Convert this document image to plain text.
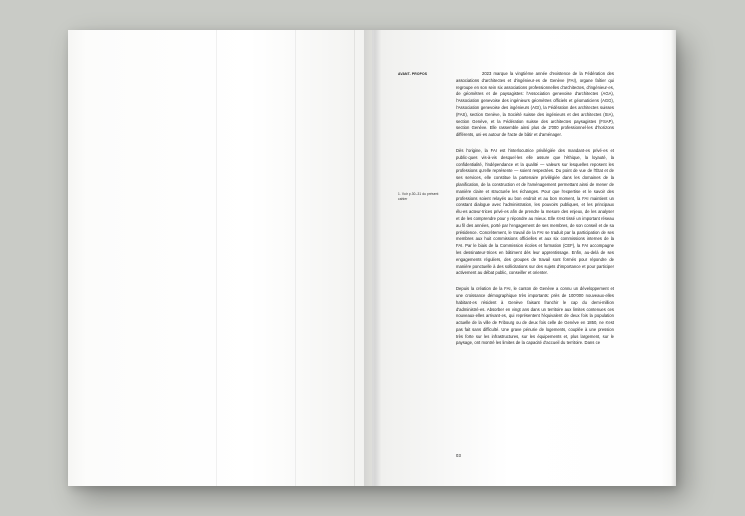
AVANT- PROPOS
1. Voir p.30–31 du présent cahier

2023 marque la vingtième année d'existence de la Fédération des associations d'architectes et d'ingénieur·es de Genève (FAI), organe faîtier qui regroupe en son sein six associations professionnelles d'architectes, d'ingénieur·es, de géomètres et de paysagistes: l'Association genevoise d'architectes (AGA), l'Association genevoise des ingénieurs géomètres officiels et géomaticiens (AGG), l'Association genevoise des ingénieurs (AGI), la Fédération des architectes suisses (FAS), section Genève, la Société suisse des ingénieurs et des architectes (SIA), section Genève, et la Fédération suisse des architectes paysagistes (FSAP), section Genève. Elle rassemble ainsi plus de 2'000 professionnel·les d'horizons différents, uni·es autour de l'acte de bâtir et d'aménager.

Dès l'origine, la FAI est l'interlocutrice privilégiée des mandant·es privé·es et public·ques vis-à-vis desquel·les elle assure que l'éthique, la loyauté, la confidentialité, l'indépendance et la qualité — valeurs sur lesquelles reposent les professions qu'elle représente — soient respectées. Du point de vue de l'État et de ses services, elle constitue la partenaire privilégiée dans les domaines de la planification, de la construction et de l'aménagement permettant ainsi de mener de manière claire et structurée les échanges. Pour que l'expertise et le savoir des professions soient relayés au bon endroit et au bon moment, la FAI maintient un constant dialogue avec l'administration, les pouvoirs publiques, et les principaux élu·es acteur·trices privé·es afin de prendre la mesure des enjeux, de les analyser et de les comprendre pour y répondre au mieux. Elle s'est tissé un important réseau au fil des années, porté par l'engagement de ses membres, de son conseil et de sa présidence. Concrètement, le travail de la FAI se traduit par la participation de ses membres aux huit commissions officielles et aux six commissions internes de la FAI. Par le biais de la Commission écoles et formation (CEF), la FAI accompagne les dessinateur·trices en bâtiment dès leur apprentissage. Enfin, au-delà de ses engagements réguliers, des groupes de travail sont formés pour répondre de manière ponctuelle à des sollicitations sur des sujets d'importance et pour participer activement au débat public, conseiller et orienter.

Depuis la création de la FAI, le canton de Genève a connu un développement et une croissance démographique très importants: près de 100'000 nouveaux·elles habitant·es résident à Genève faisant franchir le cap du demi-million d'administré·es. Absorber en vingt ans dans un territoire aux limites contenues ces nouveaux·elles arrivant·es, qui représentent l'équivalent de deux fois la population actuelle de la ville de Fribourg ou de deux fois celle de Genève en 1850, ne s'est pas fait sans difficulté. Une grave pénurie de logements, couplée à une pression très forte sur les infrastructures, sur les équipements et, plus largement, sur le paysage, ont montré les limites de la capacité d'accueil du territoire. Dans ce

03
